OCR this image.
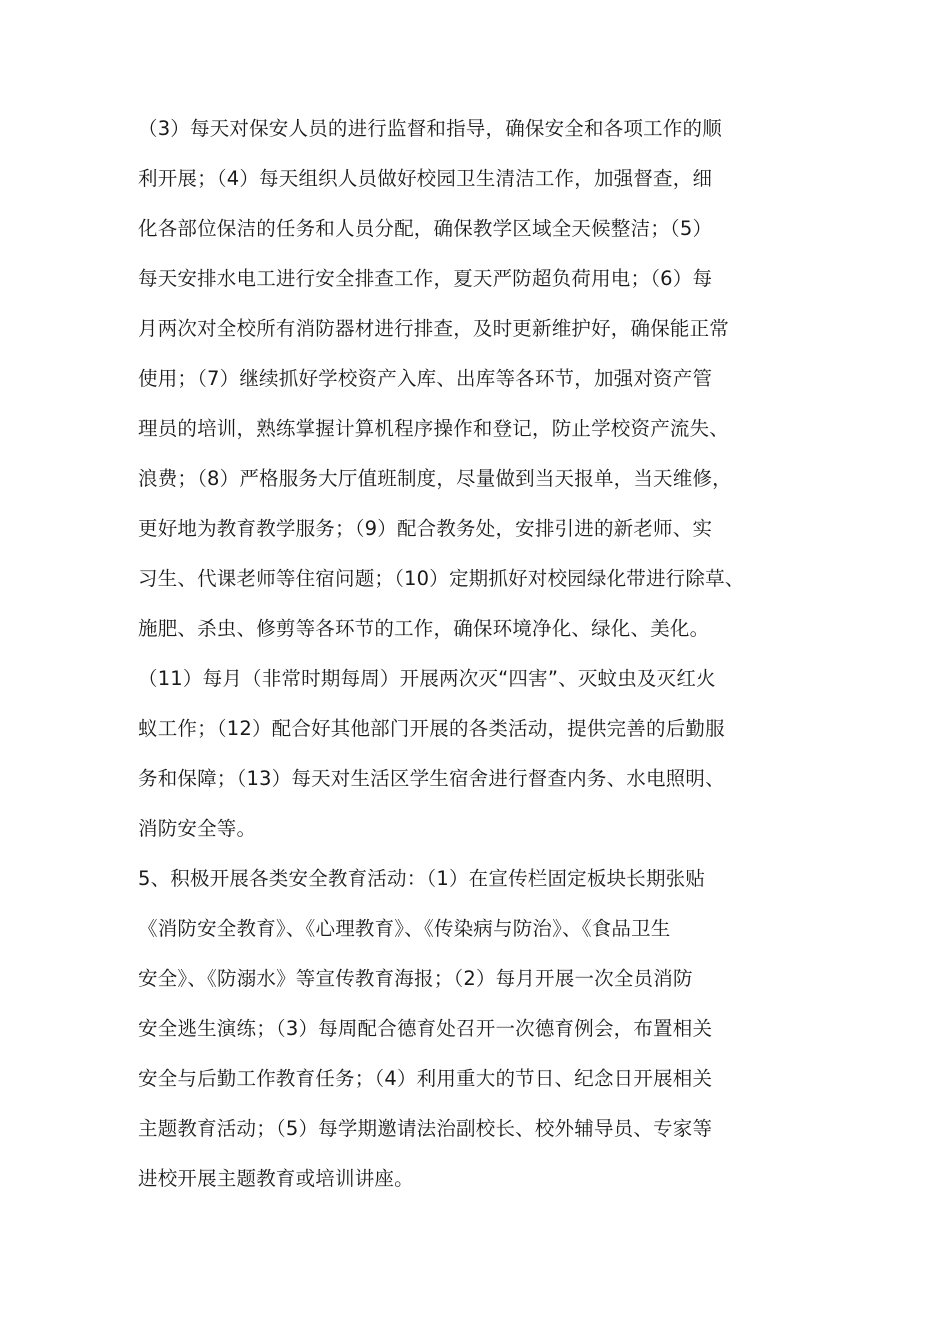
（3）每天对保安人员的进行监督和指导，确保安全和各项工作的顺
利开展；（4）每天组织人员做好校园卫生清洁工作，加强督查，细
化各部位保洁的任务和人员分配，确保教学区域全天候整洁；（5）
每天安排水电工进行安全排查工作，夏天严防超负荷用电；（6）每
月两次对全校所有消防器材进行排查，及时更新维护好，确保能正常
使用；（7）继续抓好学校资产入库、出库等各环节，加强对资产管
理员的培训，熟练掌握计算机程序操作和登记，防止学校资产流失、
浪费；（8）严格服务大厅值班制度，尽量做到当天报单，当天维修，
更好地为教育教学服务；（9）配合教务处，安排引进的新老师、实
习生、代课老师等住宿问题；（10）定期抓好对校园绿化带进行除草、
施肥、杀虫、修剪等各环节的工作，确保环境净化、绿化、美化。
（11）每月（非常时期每周）开展两次灭“四害”、灭蚊虫及灭红火
蚁工作；（12）配合好其他部门开展的各类活动，提供完善的后勤服
务和保障；（13）每天对生活区学生宿舍进行督查内务、水电照明、
消防安全等。
5、积极开展各类安全教育活动：（1）在宣传栏固定板块长期张贴
《消防安全教育》、《心理教育》、《传染病与防治》、《食品卫生
安全》、《防溺水》等宣传教育海报；（2）每月开展一次全员消防
安全逃生演练；（3）每周配合德育处召开一次德育例会，布置相关
安全与后勤工作教育任务；（4）利用重大的节日、纪念日开展相关
主题教育活动；（5）每学期邀请法治副校长、校外辅导员、专家等
进校开展主题教育或培训讲座。
